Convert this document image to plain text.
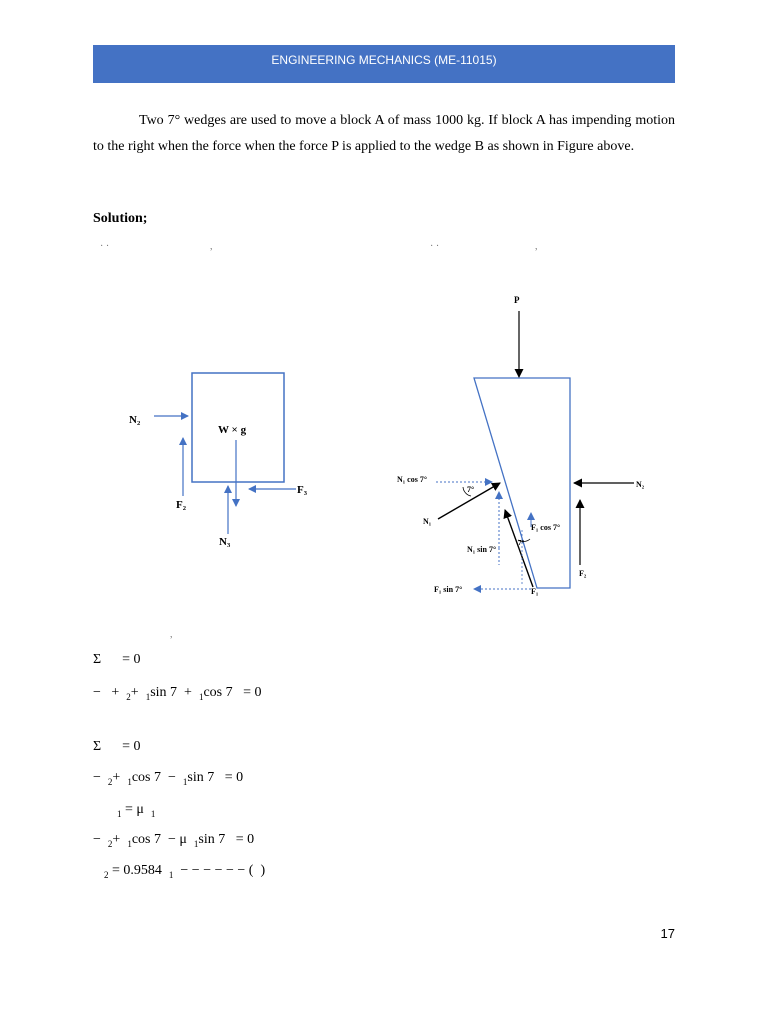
ENGINEERING MECHANICS (ME-11015)
Two 7° wedges are used to move a block A of mass 1000 kg. If block A has impending motion to the right when the force when the force P is applied to the wedge B as shown in Figure above.
Solution;
· ·	,	· ·	,
,
N₂
W × g
F₂
N₃
F₃
P
N₁ cos 7°
7°
N₁
N₁ sin 7°
7°
F₁ cos 7°
F₁ sin 7°	F₁
N₂
F₂
Σ      = 0
−   +  $_2$+  $_1$sin 7  +  $_1$cos 7   = 0
Σ      = 0
−  $_2$+  $_1$cos 7  −  $_1$sin 7   = 0
$_1$ = μ  $_1$
−  $_2$+  $_1$cos 7  − μ  $_1$sin 7   = 0
$_2$ = 0.9584  $_1$  − − − − − − (  )
17
